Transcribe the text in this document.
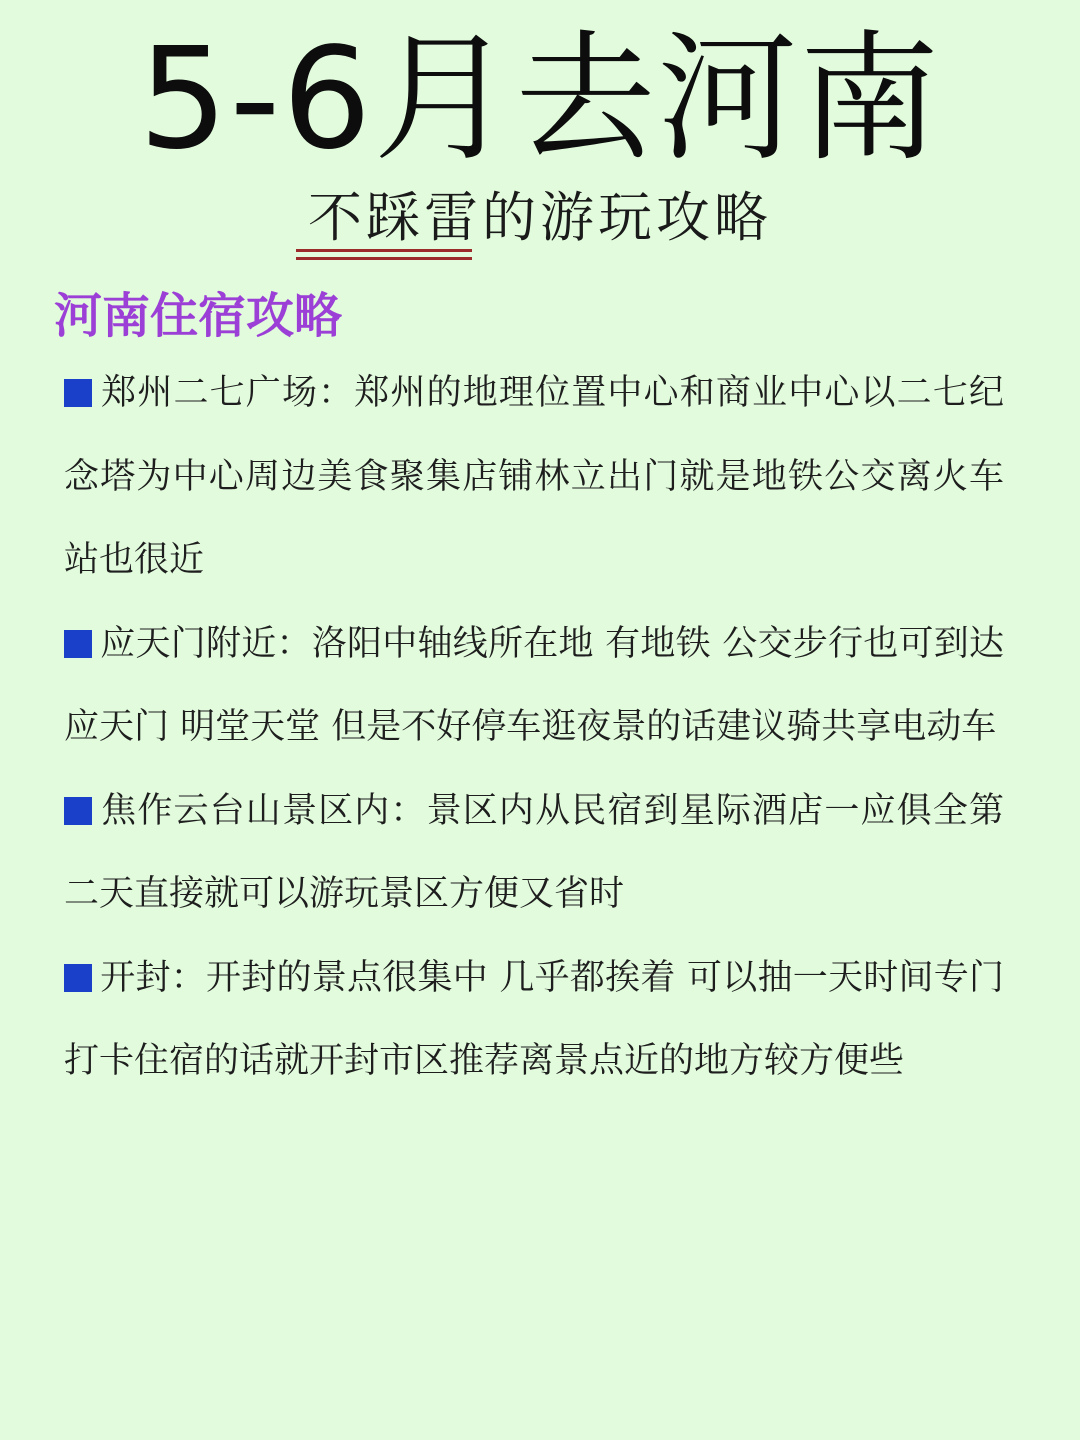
5-6月去河南
不踩雷的游玩攻略
河南住宿攻略

郑州二七广场：郑州的地理位置中心和商业中心以二七纪念塔为中心周边美食聚集店铺林立出门就是地铁公交离火车站也很近

应天门附近：洛阳中轴线所在地 有地铁 公交步行也可到达应天门 明堂天堂 但是不好停车逛夜景的话建议骑共享电动车

焦作云台山景区内：景区内从民宿到星际酒店一应俱全第二天直接就可以游玩景区方便又省时

开封：开封的景点很集中 几乎都挨着 可以抽一天时间专门打卡住宿的话就开封市区推荐离景点近的地方较方便些
